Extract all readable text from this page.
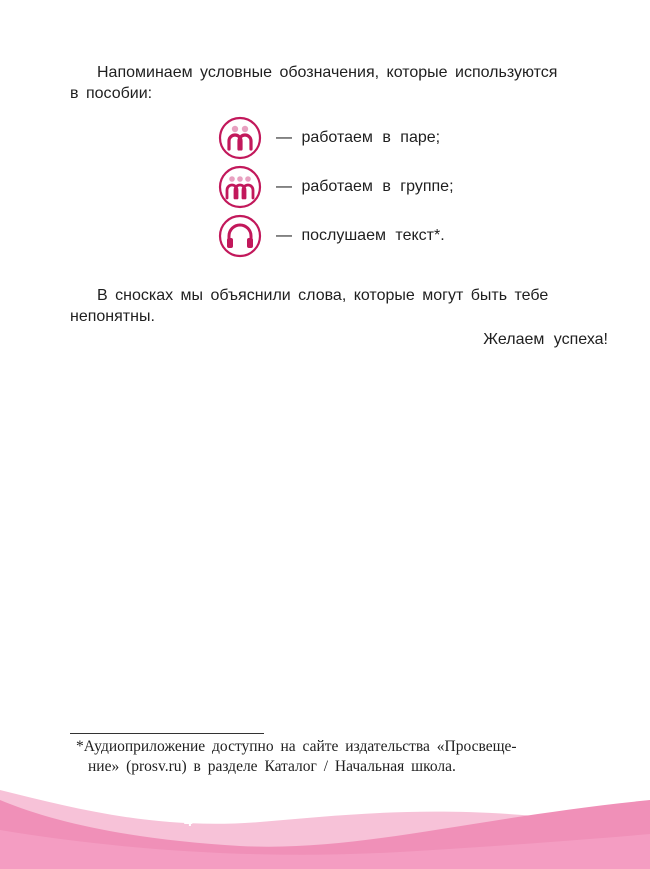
Напоминаем условные обозначения, которые используются
в пособии:
— работаем в паре;
— работаем в группе;
— послушаем текст*.
В сносках мы объяснили слова, которые могут быть тебе
непонятны.
Желаем успеха!
*Аудиоприложение доступно на сайте издательства «Просвеще-
ние» (prosv.ru) в разделе Каталог / Начальная школа.
4
